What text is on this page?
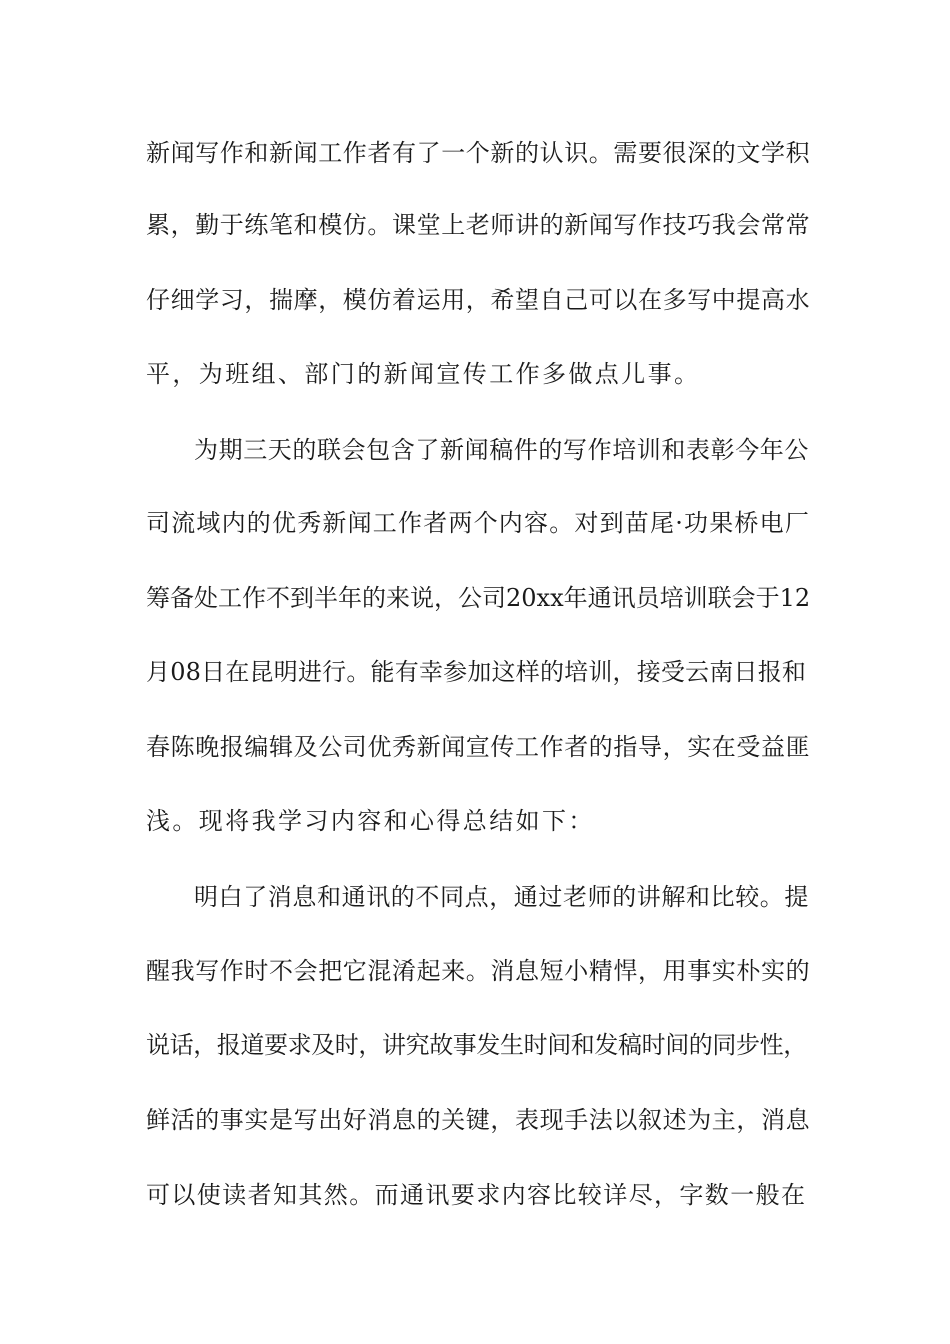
新闻写作和新闻工作者有了一个新的认识。需要很深的文学积
累，勤于练笔和模仿。课堂上老师讲的新闻写作技巧我会常常
仔细学习，揣摩，模仿着运用，希望自己可以在多写中提高水
平，为班组、部门的新闻宣传工作多做点儿事。
为期三天的联会包含了新闻稿件的写作培训和表彰今年公
司流域内的优秀新闻工作者两个内容。对到苗尾·功果桥电厂
筹备处工作不到半年的来说，公司20xx年通讯员培训联会于12
月08日在昆明进行。能有幸参加这样的培训，接受云南日报和
春陈晚报编辑及公司优秀新闻宣传工作者的指导，实在受益匪
浅。现将我学习内容和心得总结如下：
明白了消息和通讯的不同点，通过老师的讲解和比较。提
醒我写作时不会把它混淆起来。消息短小精悍，用事实朴实的
说话，报道要求及时，讲究故事发生时间和发稿时间的同步性，
鲜活的事实是写出好消息的关键，表现手法以叙述为主，消息
可以使读者知其然。而通讯要求内容比较详尽，字数一般在
